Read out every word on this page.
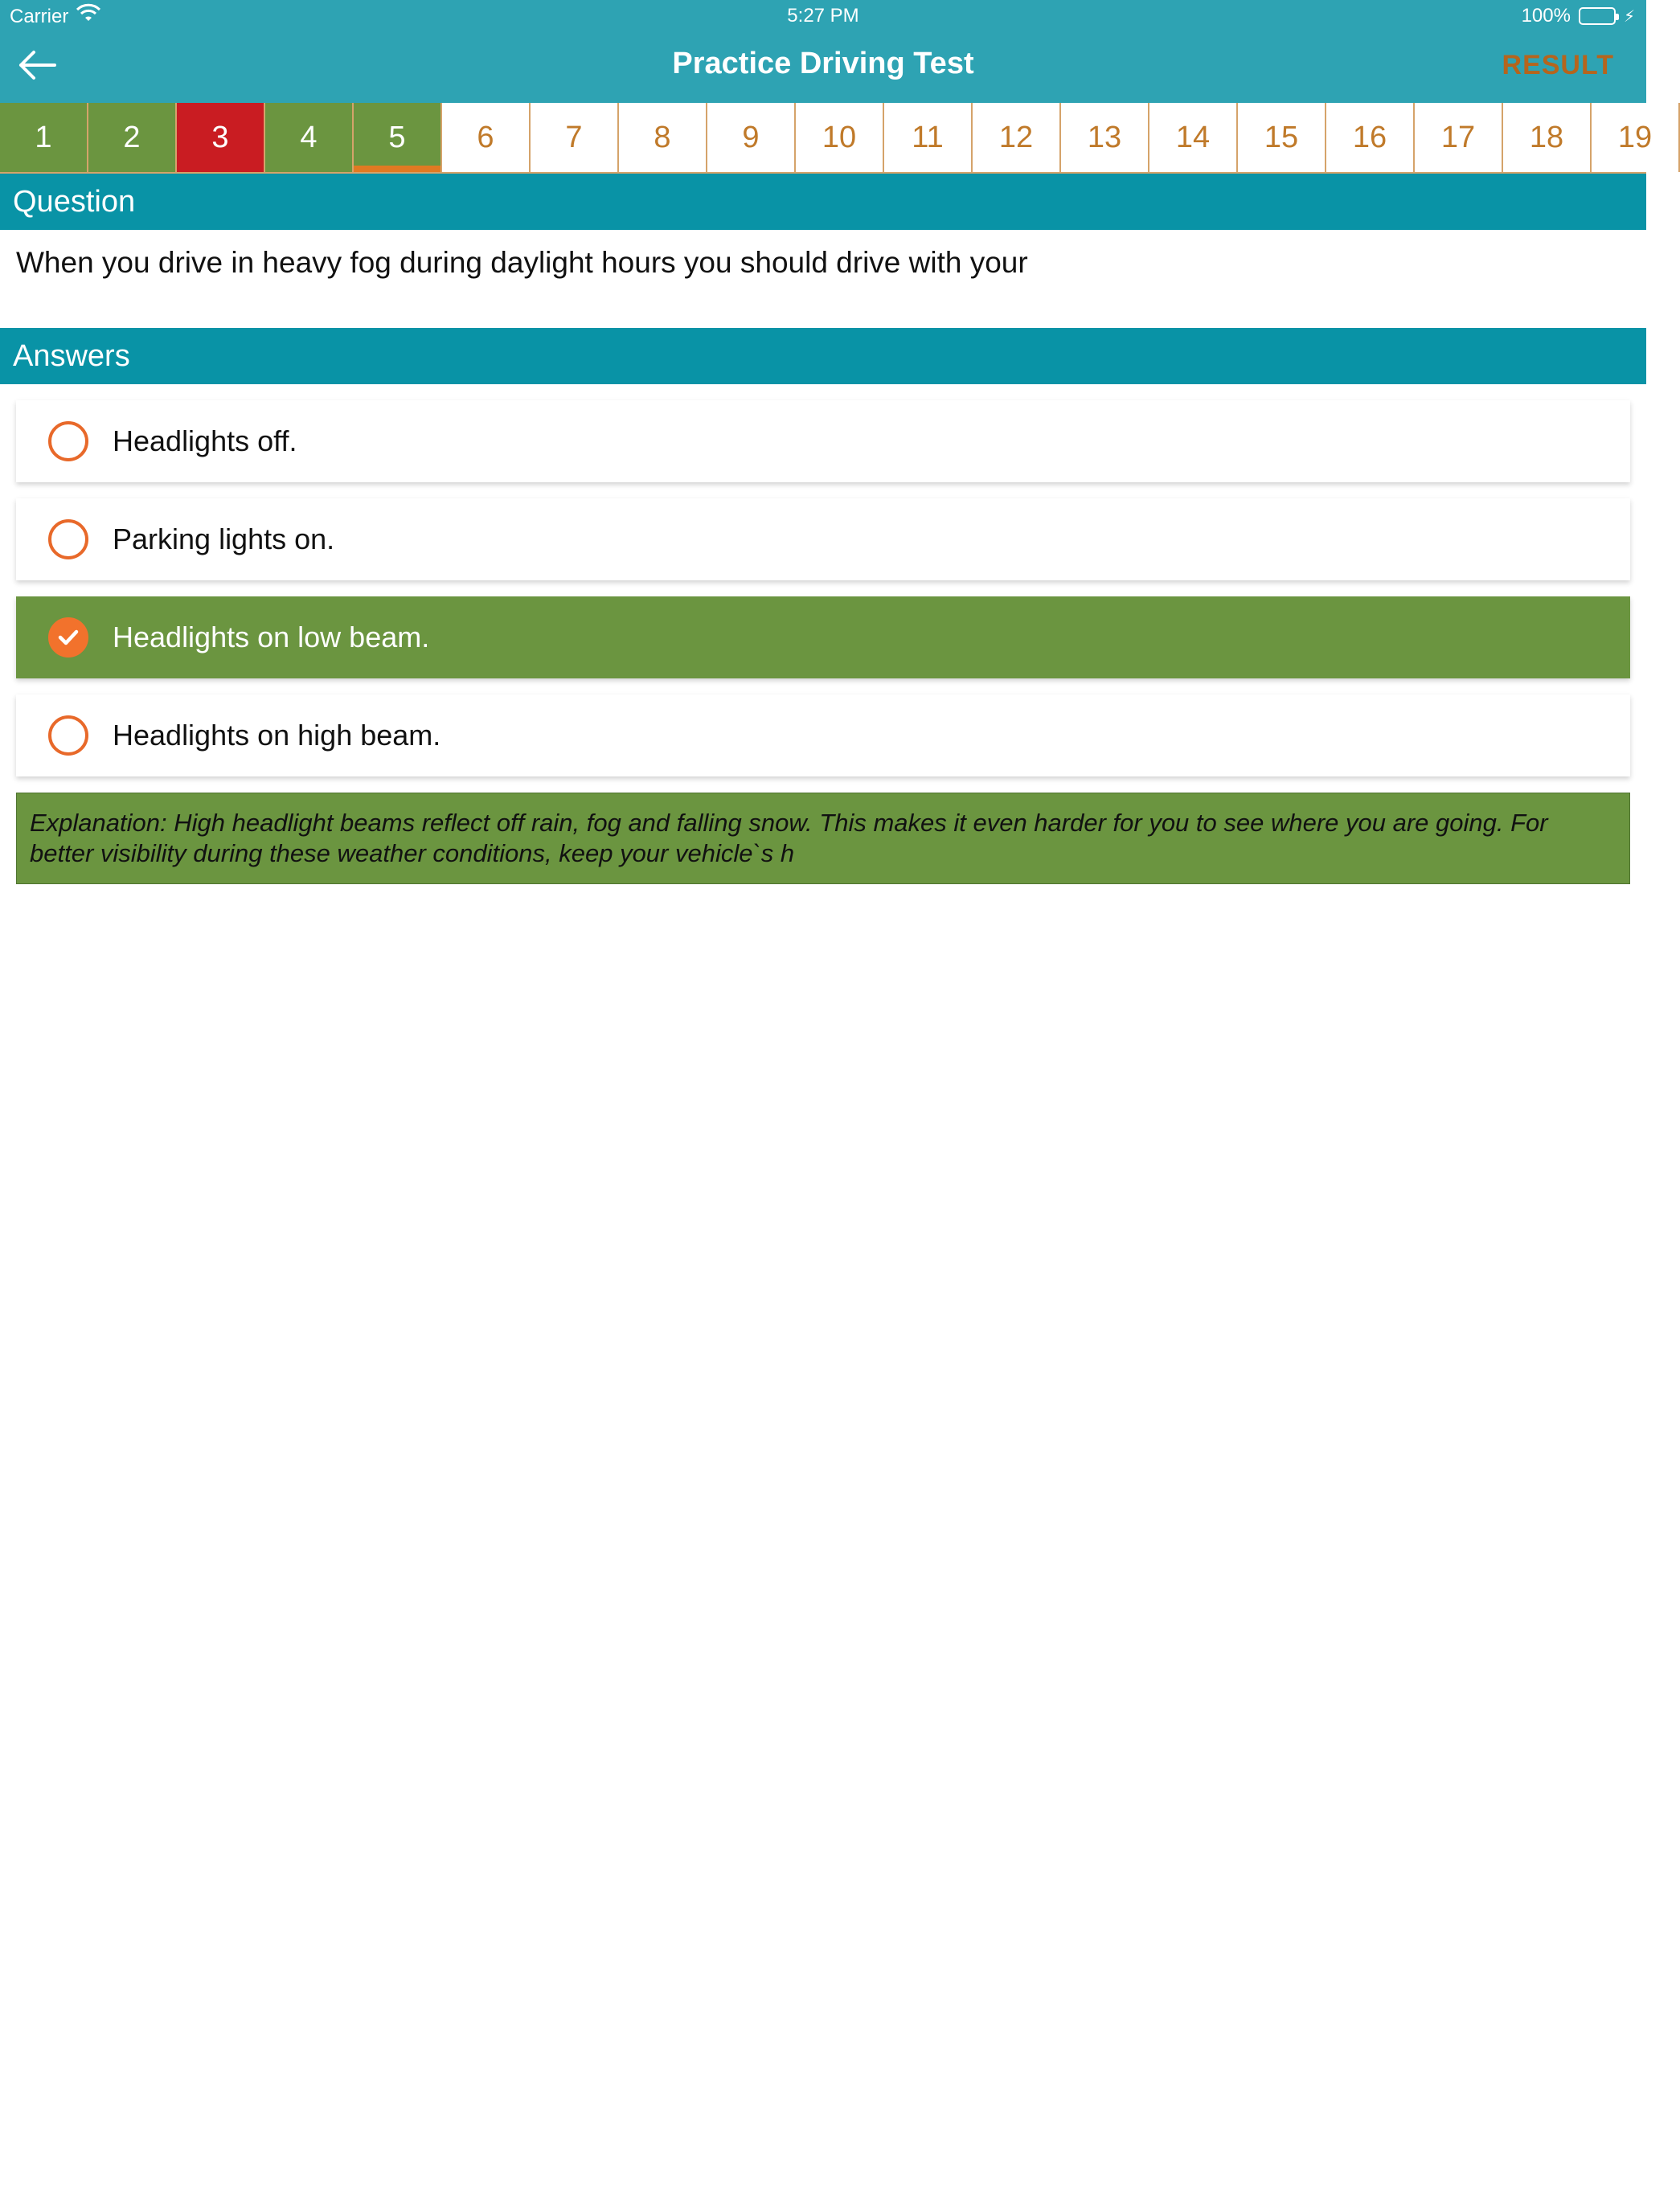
Carrier	5:27 PM	100%	⚡
Practice Driving Test	RESULT
1	2	3	4	5	6	7	8	9	10	11	12	13	14	15	16	17	18	19
Question
When you drive in heavy fog during daylight hours you should drive with your
Answers
Headlights off.
Parking lights on.
Headlights on low beam.
Headlights on high beam.
Explanation: High headlight beams reflect off rain, fog and falling snow. This makes it even harder for you to see where you are going. For better visibility during these weather conditions, keep your vehicle`s h
